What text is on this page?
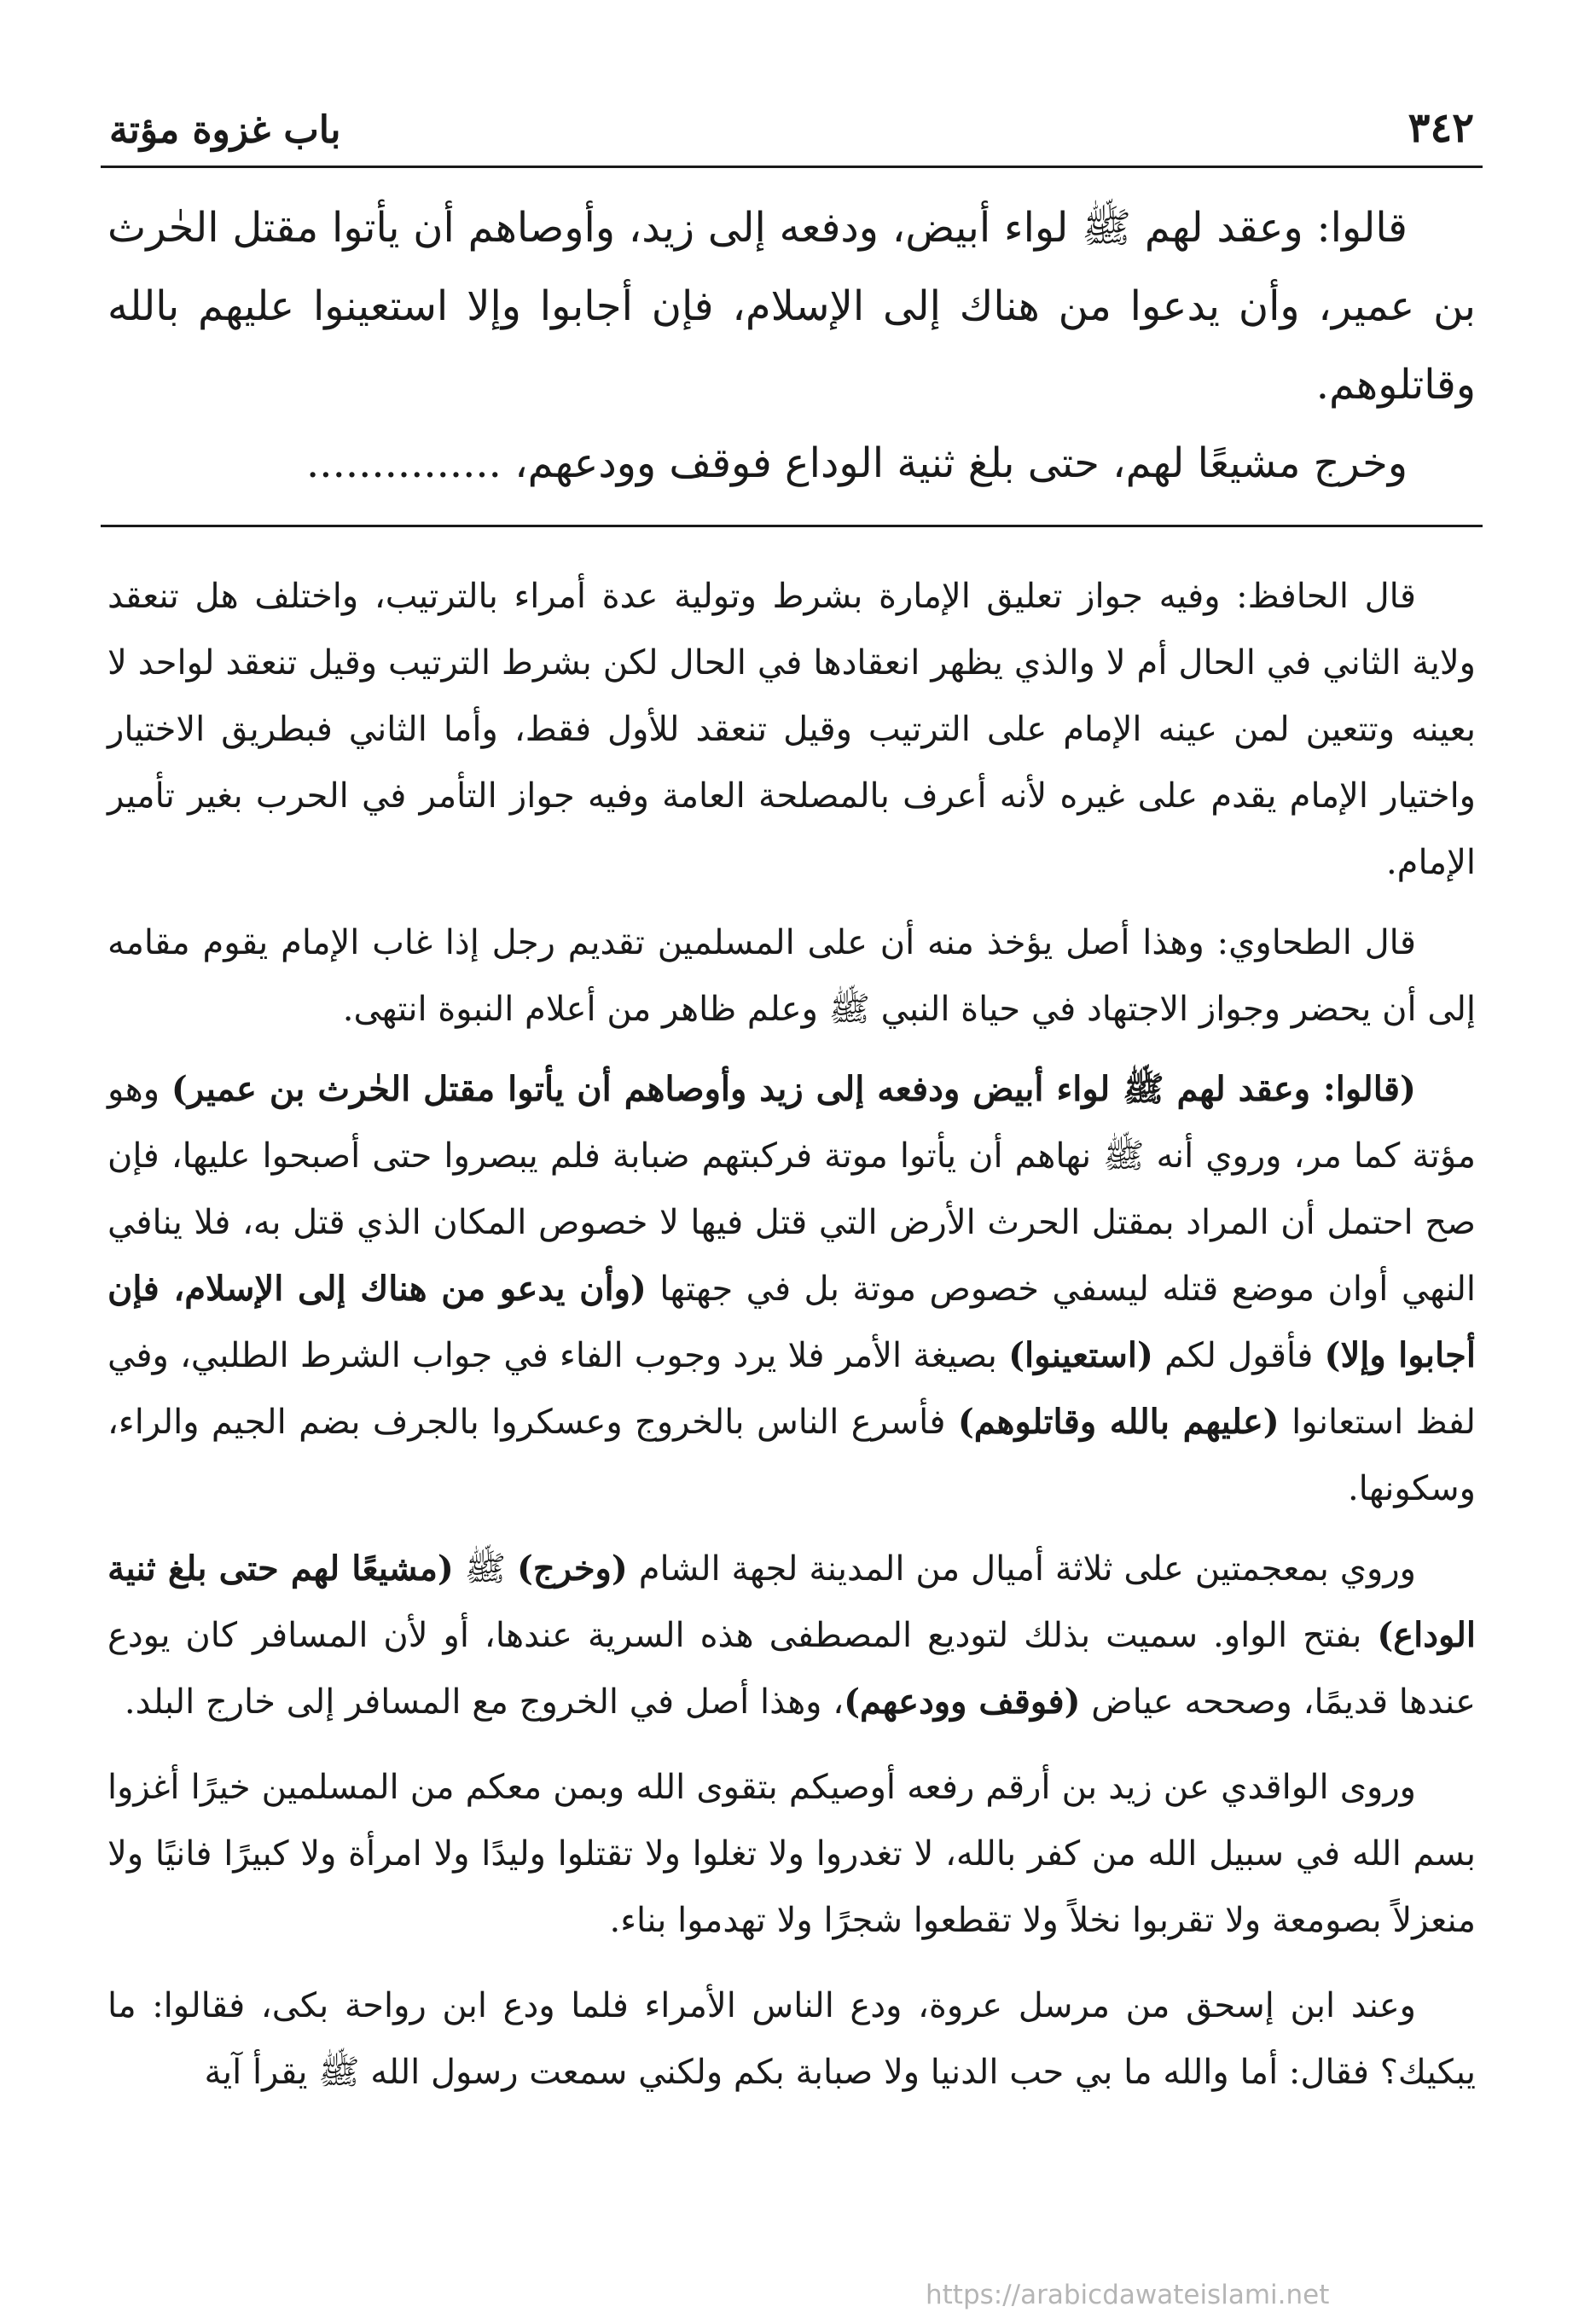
٣٤٢
باب غزوة مؤتة

قالوا: وعقد لهم ﷺ لواء أبيض، ودفعه إلى زيد، وأوصاهم أن يأتوا مقتل الحٰرث بن عمير، وأن يدعوا من هناك إلى الإسلام، فإن أجابوا وإلا استعينوا عليهم بالله وقاتلوهم.

وخرج مشيعًا لهم، حتى بلغ ثنية الوداع فوقف وودعهم، ...............

قال الحافظ: وفيه جواز تعليق الإمارة بشرط وتولية عدة أمراء بالترتيب، واختلف هل تنعقد ولاية الثاني في الحال أم لا والذي يظهر انعقادها في الحال لكن بشرط الترتيب وقيل تنعقد لواحد لا بعينه وتتعين لمن عينه الإمام على الترتيب وقيل تنعقد للأول فقط، وأما الثاني فبطريق الاختيار واختيار الإمام يقدم على غيره لأنه أعرف بالمصلحة العامة وفيه جواز التأمر في الحرب بغير تأمير الإمام.

قال الطحاوي: وهذا أصل يؤخذ منه أن على المسلمين تقديم رجل إذا غاب الإمام يقوم مقامه إلى أن يحضر وجواز الاجتهاد في حياة النبي ﷺ وعلم ظاهر من أعلام النبوة انتهى.

(قالوا: وعقد لهم ﷺ لواء أبيض ودفعه إلى زيد وأوصاهم أن يأتوا مقتل الحٰرث بن عمير) وهو مؤتة كما مر، وروي أنه ﷺ نهاهم أن يأتوا موتة فركبتهم ضبابة فلم يبصروا حتى أصبحوا عليها، فإن صح احتمل أن المراد بمقتل الحرث الأرض التي قتل فيها لا خصوص المكان الذي قتل به، فلا ينافي النهي أوان موضع قتله ليسفي خصوص موتة بل في جهتها (وأن يدعو من هناك إلى الإسلام، فإن أجابوا وإلا) فأقول لكم (استعينوا) بصيغة الأمر فلا يرد وجوب الفاء في جواب الشرط الطلبي، وفي لفظ استعانوا (عليهم بالله وقاتلوهم) فأسرع الناس بالخروج وعسكروا بالجرف بضم الجيم والراء، وسكونها.

وروي بمعجمتين على ثلاثة أميال من المدينة لجهة الشام (وخرج) ﷺ (مشيعًا لهم حتى بلغ ثنية الوداع) بفتح الواو. سميت بذلك لتوديع المصطفى هذه السرية عندها، أو لأن المسافر كان يودع عندها قديمًا، وصححه عياض (فوقف وودعهم)، وهذا أصل في الخروج مع المسافر إلى خارج البلد.

وروى الواقدي عن زيد بن أرقم رفعه أوصيكم بتقوى الله وبمن معكم من المسلمين خيرًا أغزوا بسم الله في سبيل الله من كفر بالله، لا تغدروا ولا تغلوا ولا تقتلوا وليدًا ولا امرأة ولا كبيرًا فانيًا ولا منعزلاً بصومعة ولا تقربوا نخلاً ولا تقطعوا شجرًا ولا تهدموا بناء.

وعند ابن إسحق من مرسل عروة، ودع الناس الأمراء فلما ودع ابن رواحة بكى، فقالوا: ما يبكيك؟ فقال: أما والله ما بي حب الدنيا ولا صبابة بكم ولكني سمعت رسول الله ﷺ يقرأ آية

https://arabicdawateislami.net
